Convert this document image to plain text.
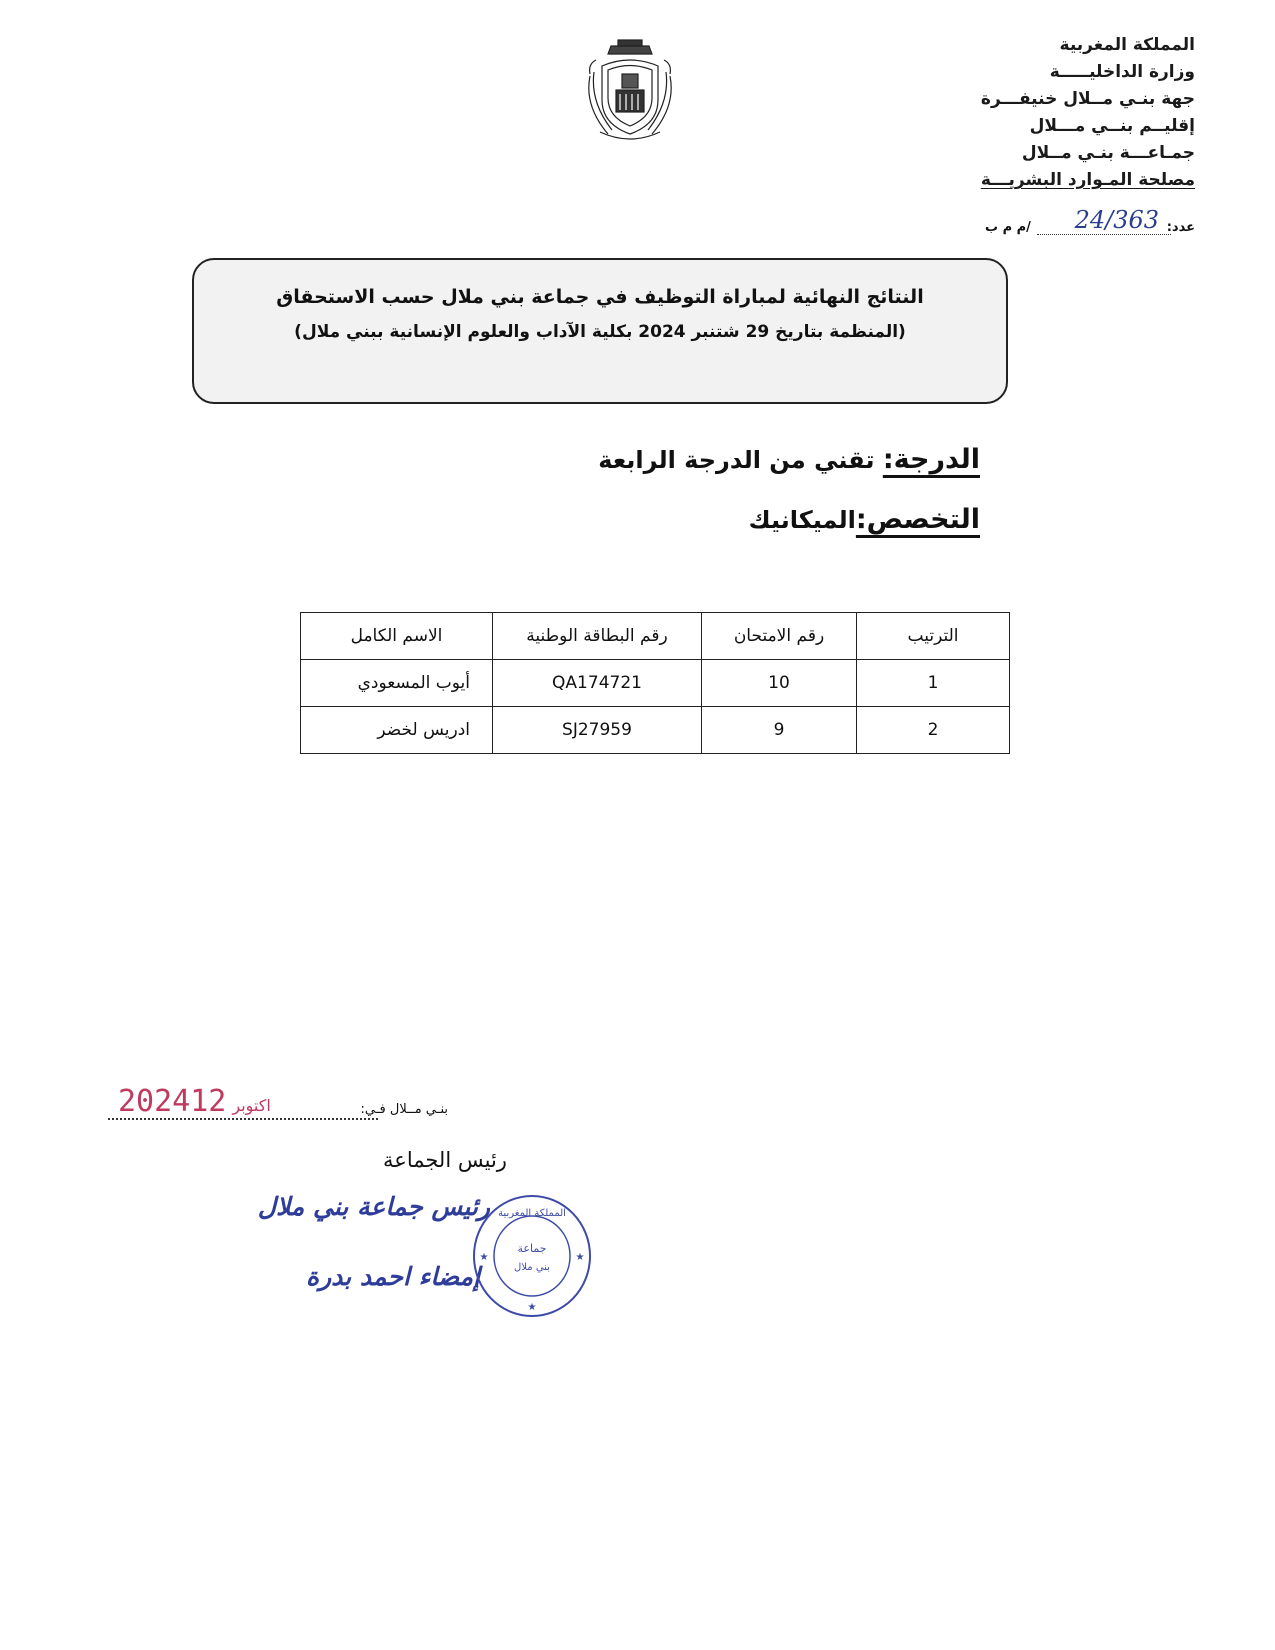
المملكة المغربية
وزارة الداخليـــــة
جهة بنـي مــلال خنيفـــرة
إقليــم بنــي مـــلال
جمـاعـــة بنـي مــلال
مصلحة المـوارد البشريـــة
عدد:
24/363
/م م ب
النتائج النهائية لمباراة التوظيف في جماعة بني ملال حسب الاستحقاق
(المنظمة بتاريخ 29 شتنبر 2024 بكلية الآداب والعلوم الإنسانية ببني ملال)
الدرجة: تقني من الدرجة الرابعة
التخصص:الميكانيك
الترتيب	رقم الامتحان	رقم البطاقة الوطنية	الاسم الكامل
1	10	QA174721	أيوب المسعودي
2	9	SJ27959	ادريس لخضر
بنـي مــلال فـي:
2024	اكتوبر12
رئيس الجماعة
رئيس جماعة بني ملال
إمضاء احمد بدرة
المملكة المغربية
جماعة
بني ملال
★	★
★
